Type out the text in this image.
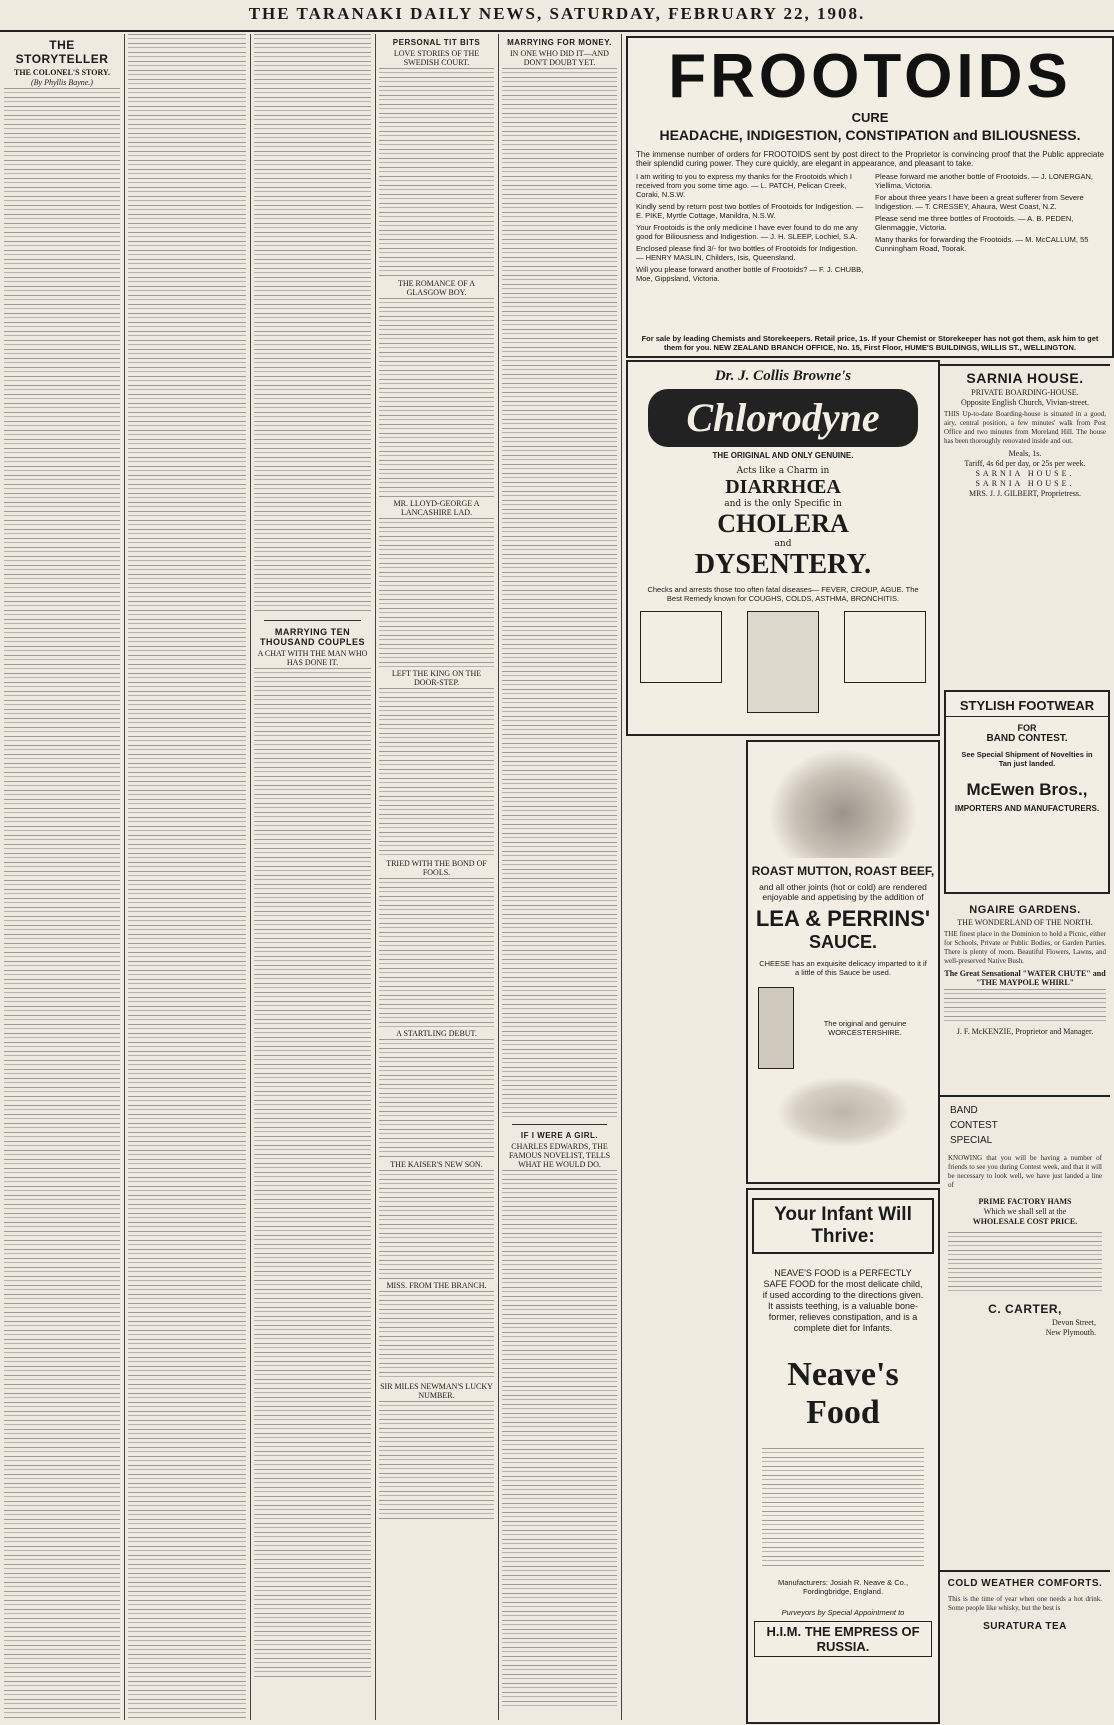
THE TARANAKI DAILY NEWS, SATURDAY, FEBRUARY 22, 1908.
THE STORYTELLER
THE COLONEL'S STORY.
(By Phyllis Bayne.)
MARRYING TEN THOUSAND COUPLES
A CHAT WITH THE MAN WHO HAS DONE IT.
PERSONAL TIT BITS
LOVE STORIES OF THE SWEDISH COURT.
THE ROMANCE OF A GLASGOW BOY.
MR. LLOYD-GEORGE A LANCASHIRE LAD.
LEFT THE KING ON THE DOOR-STEP.
TRIED WITH THE BOND OF FOOLS.
A STARTLING DEBUT.
THE KAISER'S NEW SON.
MISS. FROM THE BRANCH.
SIR MILES NEWMAN'S LUCKY NUMBER.
MARRYING FOR MONEY.
IN ONE WHO DID IT—AND DON'T DOUBT YET.
IF I WERE A GIRL.
CHARLES EDWARDS, THE FAMOUS NOVELIST, TELLS WHAT HE WOULD DO.
FROOTOIDS
CURE
HEADACHE, INDIGESTION, CONSTIPATION and BILIOUSNESS.
The immense number of orders for FROOTOIDS sent by post direct to the Proprietor is convincing proof that the Public appreciate their splendid curing power. They cure quickly, are elegant in appearance, and pleasant to take.
I am writing to you to express my thanks for the Frootoids which I received from you some time ago. — L. PATCH, Pelican Creek, Coraki, N.S.W.
Kindly send by return post two bottles of Frootoids for Indigestion. — E. PIKE, Myrtle Cottage, Manildra, N.S.W.
Your Frootoids is the only medicine I have ever found to do me any good for Biliousness and Indigestion. — J. H. SLEEP, Lochiel, S.A.
Enclosed please find 3/- for two bottles of Frootoids for Indigestion. — HENRY MASLIN, Childers, Isis, Queensland.
Will you please forward another bottle of Frootoids? — F. J. CHUBB, Moe, Gippsland, Victoria.
Please forward me another bottle of Frootoids. — J. LONERGAN, Yiellima, Victoria.
For about three years I have been a great sufferer from Severe Indigestion. — T. CRESSEY, Ahaura, West Coast, N.Z.
Please send me three bottles of Frootoids. — A. B. PEDEN, Glenmaggie, Victoria.
Many thanks for forwarding the Frootoids. — M. McCALLUM, 55 Cunningham Road, Toorak.
For sale by leading Chemists and Storekeepers. Retail price, 1s. If your Chemist or Storekeeper has not got them, ask him to get them for you. NEW ZEALAND BRANCH OFFICE, No. 15, First Floor, HUME'S BUILDINGS, WILLIS ST., WELLINGTON.
Dr. J. Collis Browne's
Chlorodyne
THE ORIGINAL AND ONLY GENUINE.
Acts like a Charm in
DIARRHŒA
and is the only Specific in
CHOLERA
and
DYSENTERY.
Checks and arrests those too often fatal diseases— FEVER, CROUP, AGUE. The Best Remedy known for COUGHS, COLDS, ASTHMA, BRONCHITIS.
SARNIA HOUSE.
PRIVATE BOARDING-HOUSE.
Opposite English Church, Vivian-street.
THIS Up-to-date Boarding-house is situated in a good, airy, central position, a few minutes' walk from Post Office and two minutes from Moreland Hill. The house has been thoroughly renovated inside and out.
Meals, 1s.
Tariff, 4s 6d per day, or 25s per week.
SARNIA HOUSE.
SARNIA HOUSE.
MRS. J. J. GILBERT, Proprietress.
STYLISH FOOTWEAR
FOR
BAND CONTEST.
See Special Shipment of Novelties in Tan just landed.
McEwen Bros.,
IMPORTERS AND MANUFACTURERS.
ROAST MUTTON, ROAST BEEF,
and all other joints (hot or cold) are rendered enjoyable and appetising by the addition of
LEA & PERRINS'
SAUCE.
CHEESE has an exquisite delicacy imparted to it if a little of this Sauce be used.
The original and genuine WORCESTERSHIRE.
NGAIRE GARDENS.
THE WONDERLAND OF THE NORTH.
THE finest place in the Dominion to hold a Picnic, either for Schools, Private or Public Bodies, or Garden Parties. There is plenty of room. Beautiful Flowers, Lawns, and well-preserved Native Bush.
The Great Sensational "WATER CHUTE" and "THE MAYPOLE WHIRL"
J. F. McKENZIE, Proprietor and Manager.
BAND
CONTEST
SPECIAL
KNOWING that you will be having a number of friends to see you during Contest week, and that it will be necessary to look well, we have just landed a line of
PRIME FACTORY HAMS
Which we shall sell at the
WHOLESALE COST PRICE.
C. CARTER,
Devon Street,
New Plymouth.
Your Infant Will Thrive:
NEAVE'S FOOD is a PERFECTLY SAFE FOOD for the most delicate child, if used according to the directions given. It assists teething, is a valuable bone-former, relieves constipation, and is a complete diet for Infants.
Neave's Food
Manufacturers: Josiah R. Neave & Co., Fordingbridge, England.
Purveyors by Special Appointment to
H.I.M. THE EMPRESS OF RUSSIA.
COLD WEATHER COMFORTS.
This is the time of year when one needs a hot drink. Some people like whisky, but the best is
SURATURA TEA
